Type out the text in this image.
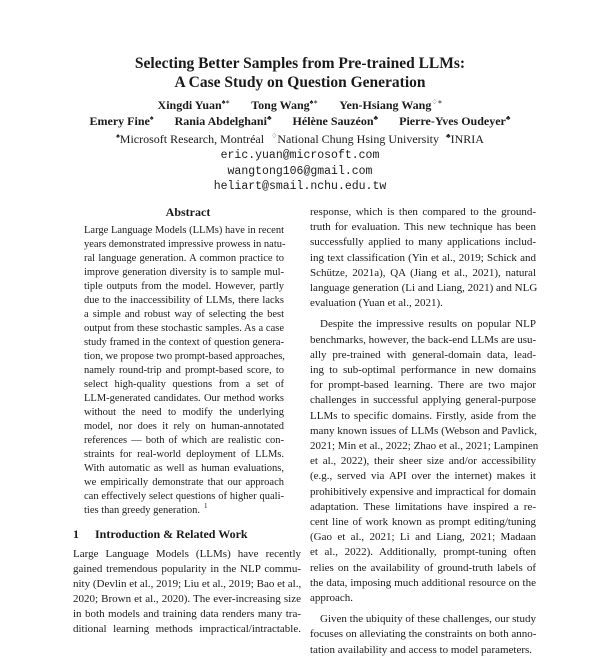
Selecting Better Samples from Pre-trained LLMs:
A Case Study on Question Generation
Xingdi Yuan♠∗ Tong Wang♠∗ Yen-Hsiang Wang♢∗
Emery Fine♠ Rania Abdelghani♣ Hélène Sauzéon♣ Pierre-Yves Oudeyer♣
♠Microsoft Research, Montréal ♢National Chung Hsing University ♣INRIA
eric.yuan@microsoft.com
wangtong106@gmail.com
heliart@smail.nchu.edu.tw
Abstract
Large Language Models (LLMs) have in recent
years demonstrated impressive prowess in natu-
ral language generation. A common practice to
improve generation diversity is to sample mul-
tiple outputs from the model. However, partly
due to the inaccessibility of LLMs, there lacks
a simple and robust way of selecting the best
output from these stochastic samples. As a case
study framed in the context of question genera-
tion, we propose two prompt-based approaches,
namely round-trip and prompt-based score, to
select high-quality questions from a set of
LLM-generated candidates. Our method works
without the need to modify the underlying
model, nor does it rely on human-annotated
references — both of which are realistic con-
straints for real-world deployment of LLMs.
With automatic as well as human evaluations,
we empirically demonstrate that our approach
can effectively select questions of higher quali-
ties than greedy generation. $^1$
1 Introduction & Related Work
Large Language Models (LLMs) have recently
gained tremendous popularity in the NLP commu-
nity (Devlin et al., 2019; Liu et al., 2019; Bao et al.,
2020; Brown et al., 2020). The ever-increasing size
in both models and training data renders many tra-
ditional learning methods impractical/intractable.
response, which is then compared to the ground-
truth for evaluation. This new technique has been
successfully applied to many applications includ-
ing text classification (Yin et al., 2019; Schick and
Schütze, 2021a), QA (Jiang et al., 2021), natural
language generation (Li and Liang, 2021) and NLG
evaluation (Yuan et al., 2021).
Despite the impressive results on popular NLP
benchmarks, however, the back-end LLMs are usu-
ally pre-trained with general-domain data, lead-
ing to sub-optimal performance in new domains
for prompt-based learning. There are two major
challenges in successful applying general-purpose
LLMs to specific domains. Firstly, aside from the
many known issues of LLMs (Webson and Pavlick,
2021; Min et al., 2022; Zhao et al., 2021; Lampinen
et al., 2022), their sheer size and/or accessibility
(e.g., served via API over the internet) makes it
prohibitively expensive and impractical for domain
adaptation. These limitations have inspired a re-
cent line of work known as prompt editing/tuning
(Gao et al., 2021; Li and Liang, 2021; Madaan
et al., 2022). Additionally, prompt-tuning often
relies on the availability of ground-truth labels of
the data, imposing much additional resource on the
approach.
Given the ubiquity of these challenges, our study
focuses on alleviating the constraints on both anno-
tation availability and access to model parameters.
